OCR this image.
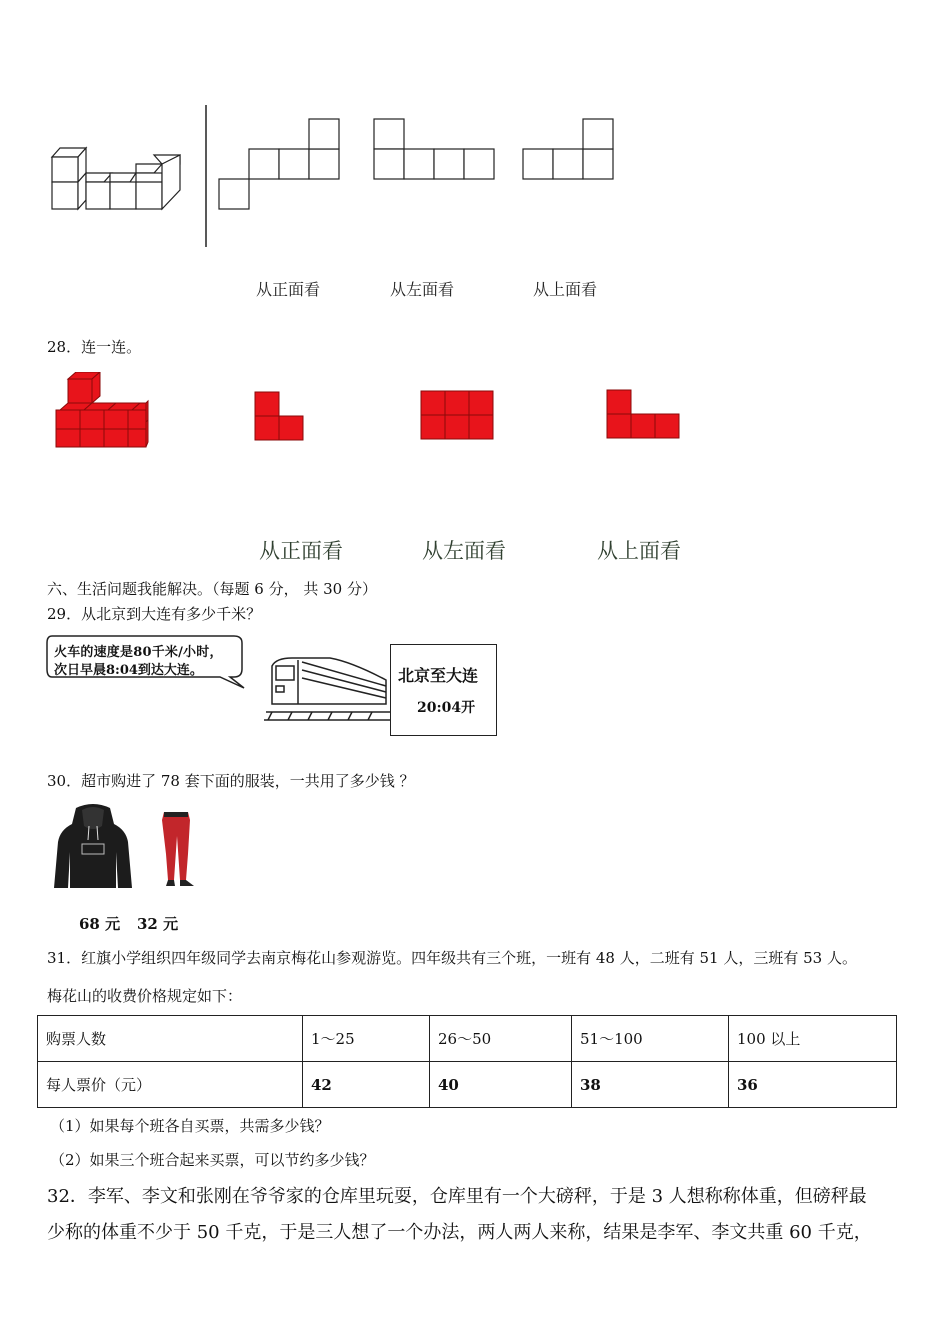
从正面看	从左面看	从上面看
28．连一连。
从正面看	从左面看	从上面看
六、生活问题我能解决。（每题 6 分， 共 30 分）
29．从北京到大连有多少千米？
火车的速度是80千米/小时，
次日早晨8:04到达大连。	北京至大连
20:04开
30．超市购进了 78 套下面的服装，一共用了多少钱 ？
68 元 32 元
31．红旗小学组织四年级同学去南京梅花山参观游览。四年级共有三个班，一班有 48 人，二班有 51 人，三班有 53 人。
梅花山的收费价格规定如下：
购票人数	1～25	26～50	51～100	100 以上
每人票价（元）	42	40	38	36
（1）如果每个班各自买票，共需多少钱？
（2）如果三个班合起来买票，可以节约多少钱？
32．李军、李文和张刚在爷爷家的仓库里玩耍，仓库里有一个大磅秤，于是 3 人想称称体重，但磅秤最
少称的体重不少于 50 千克，于是三人想了一个办法，两人两人来称，结果是李军、李文共重 60 千克，
